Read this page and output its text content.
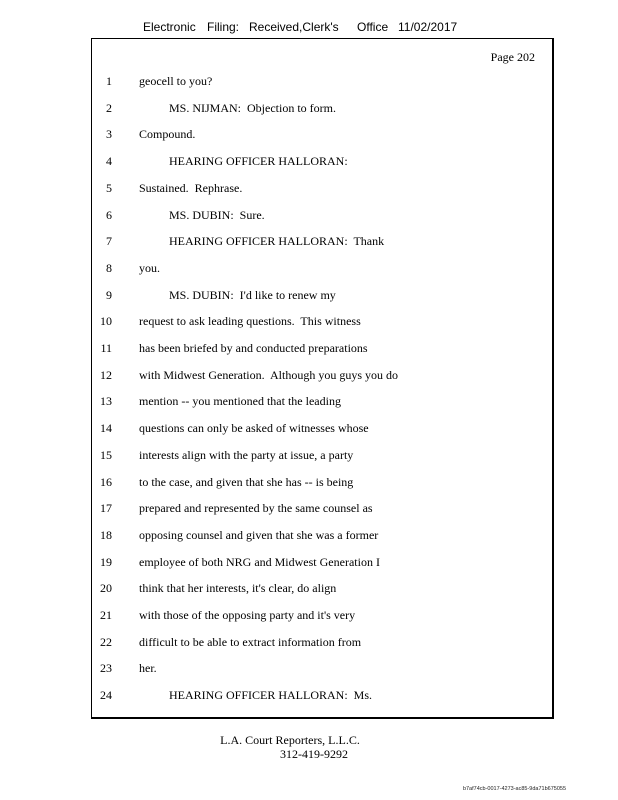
Electronic Filing: Received,Clerk's Office 11/02/2017
Page 202
1 geocell to you?
2 MS. NIJMAN:  Objection to form.
3 Compound.
4 HEARING OFFICER HALLORAN:
5 Sustained.  Rephrase.
6 MS. DUBIN:  Sure.
7 HEARING OFFICER HALLORAN:  Thank
8 you.
9 MS. DUBIN:  I'd like to renew my
10 request to ask leading questions.  This witness
11 has been briefed by and conducted preparations
12 with Midwest Generation.  Although you guys you do
13 mention -- you mentioned that the leading
14 questions can only be asked of witnesses whose
15 interests align with the party at issue, a party
16 to the case, and given that she has -- is being
17 prepared and represented by the same counsel as
18 opposing counsel and given that she was a former
19 employee of both NRG and Midwest Generation I
20 think that her interests, it's clear, do align
21 with those of the opposing party and it's very
22 difficult to be able to extract information from
23 her.
24 HEARING OFFICER HALLORAN:  Ms.
L.A. Court Reporters, L.L.C.
312-419-9292
b7af74cb-0017-4273-ac85-9da71b675055
